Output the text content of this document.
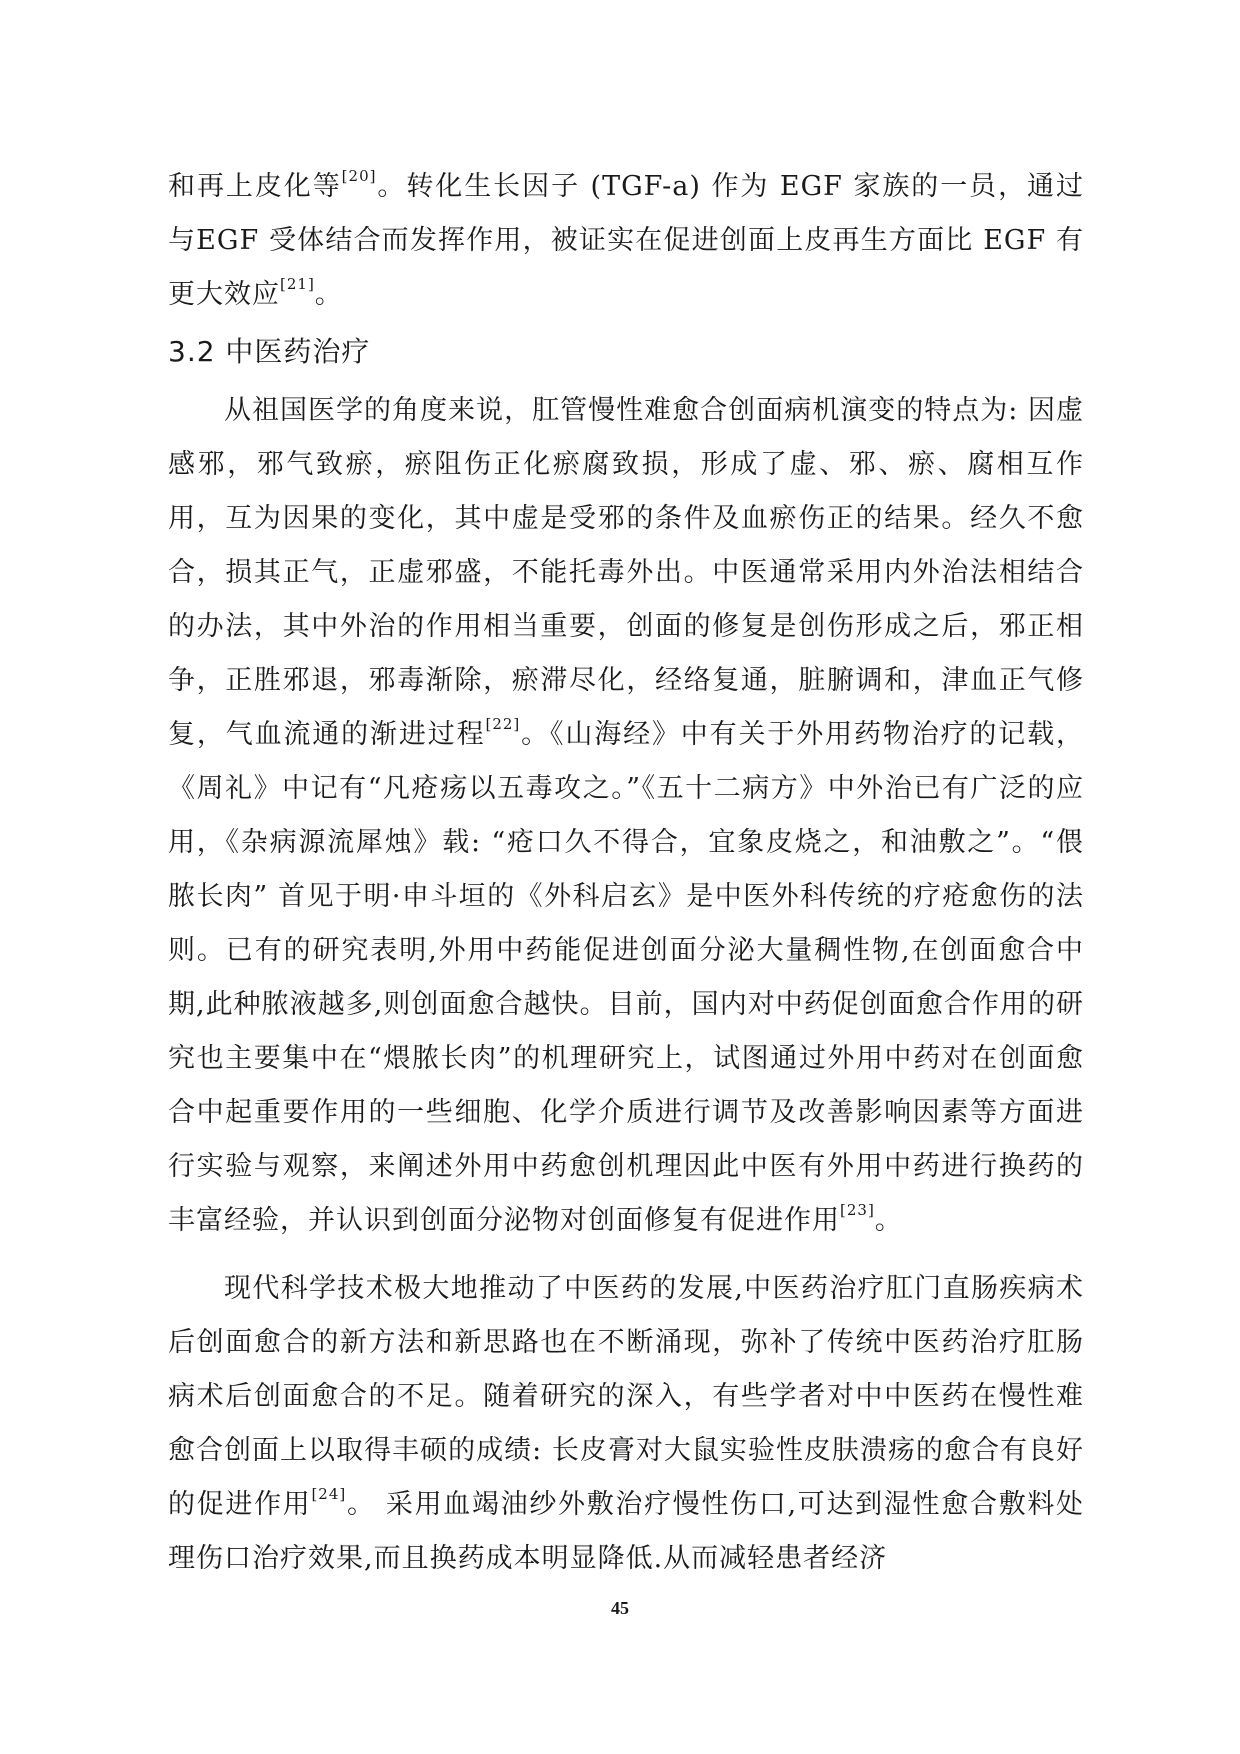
和再上皮化等[20]。转化生长因子 (TGF-a) 作为 EGF 家族的一员，通过与EGF 受体结合而发挥作用，被证实在促进创面上皮再生方面比 EGF 有更大效应[21]。

3.2 中医药治疗

从祖国医学的角度来说，肛管慢性难愈合创面病机演变的特点为: 因虚感邪，邪气致瘀，瘀阻伤正化瘀腐致损，形成了虚、邪、瘀、腐相互作用，互为因果的变化，其中虚是受邪的条件及血瘀伤正的结果。经久不愈合，损其正气，正虚邪盛，不能托毒外出。中医通常采用内外治法相结合的办法，其中外治的作用相当重要，创面的修复是创伤形成之后，邪正相争，正胜邪退，邪毒渐除，瘀滞尽化，经络复通，脏腑调和，津血正气修复，气血流通的渐进过程[22]。《山海经》中有关于外用药物治疗的记载，《周礼》中记有“凡疮疡以五毒攻之。”《五十二病方》中外治已有广泛的应用，《杂病源流犀烛》载: “疮口久不得合，宜象皮烧之，和油敷之”。“偎脓长肉” 首见于明·申斗垣的《外科启玄》是中医外科传统的疗疮愈伤的法则。已有的研究表明,外用中药能促进创面分泌大量稠性物,在创面愈合中期,此种脓液越多,则创面愈合越快。目前，国内对中药促创面愈合作用的研究也主要集中在“煨脓长肉”的机理研究上，试图通过外用中药对在创面愈合中起重要作用的一些细胞、化学介质进行调节及改善影响因素等方面进行实验与观察，来阐述外用中药愈创机理因此中医有外用中药进行换药的丰富经验，并认识到创面分泌物对创面修复有促进作用[23]。

现代科学技术极大地推动了中医药的发展,中医药治疗肛门直肠疾病术后创面愈合的新方法和新思路也在不断涌现，弥补了传统中医药治疗肛肠病术后创面愈合的不足。随着研究的深入，有些学者对中中医药在慢性难愈合创面上以取得丰硕的成绩: 长皮膏对大鼠实验性皮肤溃疡的愈合有良好的促进作用[24]。 采用血竭油纱外敷治疗慢性伤口,可达到湿性愈合敷料处理伤口治疗效果,而且换药成本明显降低.从而减轻患者经济

45
